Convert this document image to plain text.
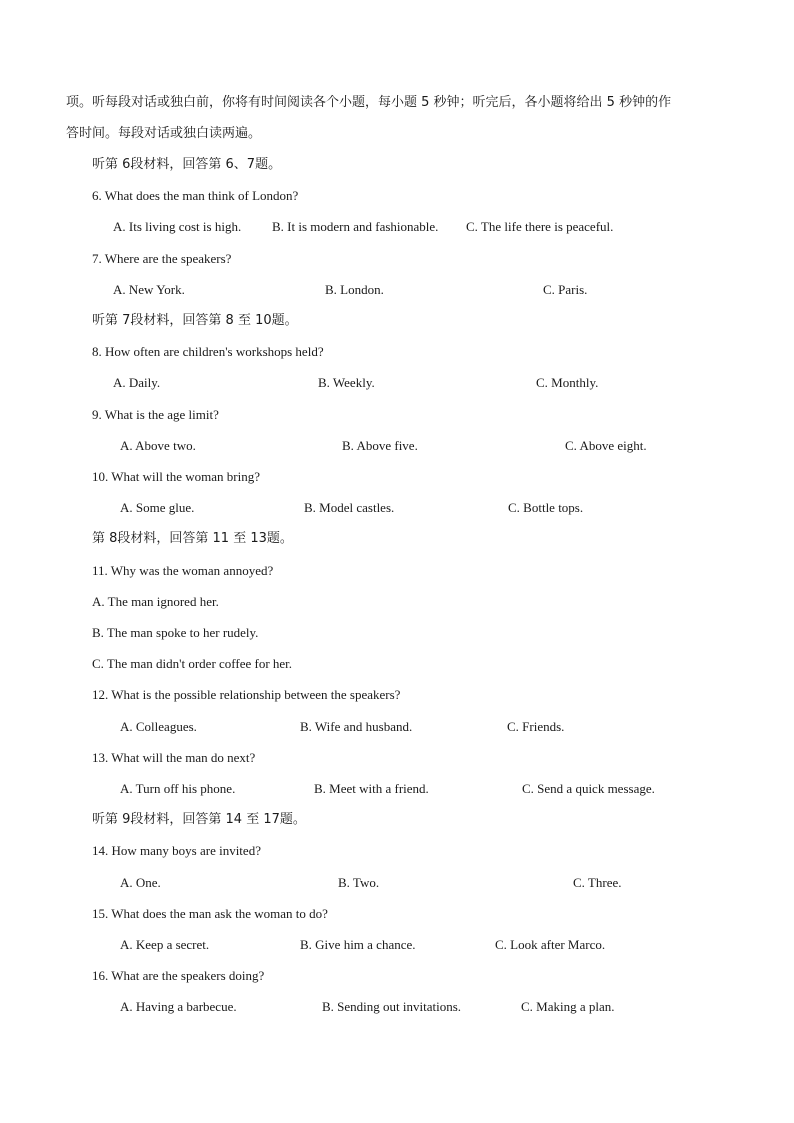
项。听每段对话或独白前，你将有时间阅读各个小题，每小题 5 秒钟；听完后，各小题将给出 5 秒钟的作
答时间。每段对话或独白读两遍。
听第 6段材料，回答第 6、7题。
6. What does the man think of London?
A. Its living cost is high. B. It is modern and fashionable. C. The life there is peaceful.
7. Where are the speakers?
A. New York.	B. London.	C. Paris.
听第 7段材料，回答第 8 至 10题。
8. How often are children's workshops held?
A. Daily.	B. Weekly.	C. Monthly.
9. What is the age limit?
A. Above two.	B. Above five.	C. Above eight.
10. What will the woman bring?
A. Some glue.	B. Model castles.	C. Bottle tops.
第 8段材料，回答第 11 至 13题。
11. Why was the woman annoyed?
A. The man ignored her.
B. The man spoke to her rudely.
C. The man didn't order coffee for her.
12. What is the possible relationship between the speakers?
A. Colleagues.	B. Wife and husband.	C. Friends.
13. What will the man do next?
A. Turn off his phone.	B. Meet with a friend.	C. Send a quick message.
听第 9段材料，回答第 14 至 17题。
14. How many boys are invited?
A. One.	B. Two.	C. Three.
15. What does the man ask the woman to do?
A. Keep a secret.	B. Give him a chance.	C. Look after Marco.
16. What are the speakers doing?
A. Having a barbecue.	B. Sending out invitations.	C. Making a plan.
